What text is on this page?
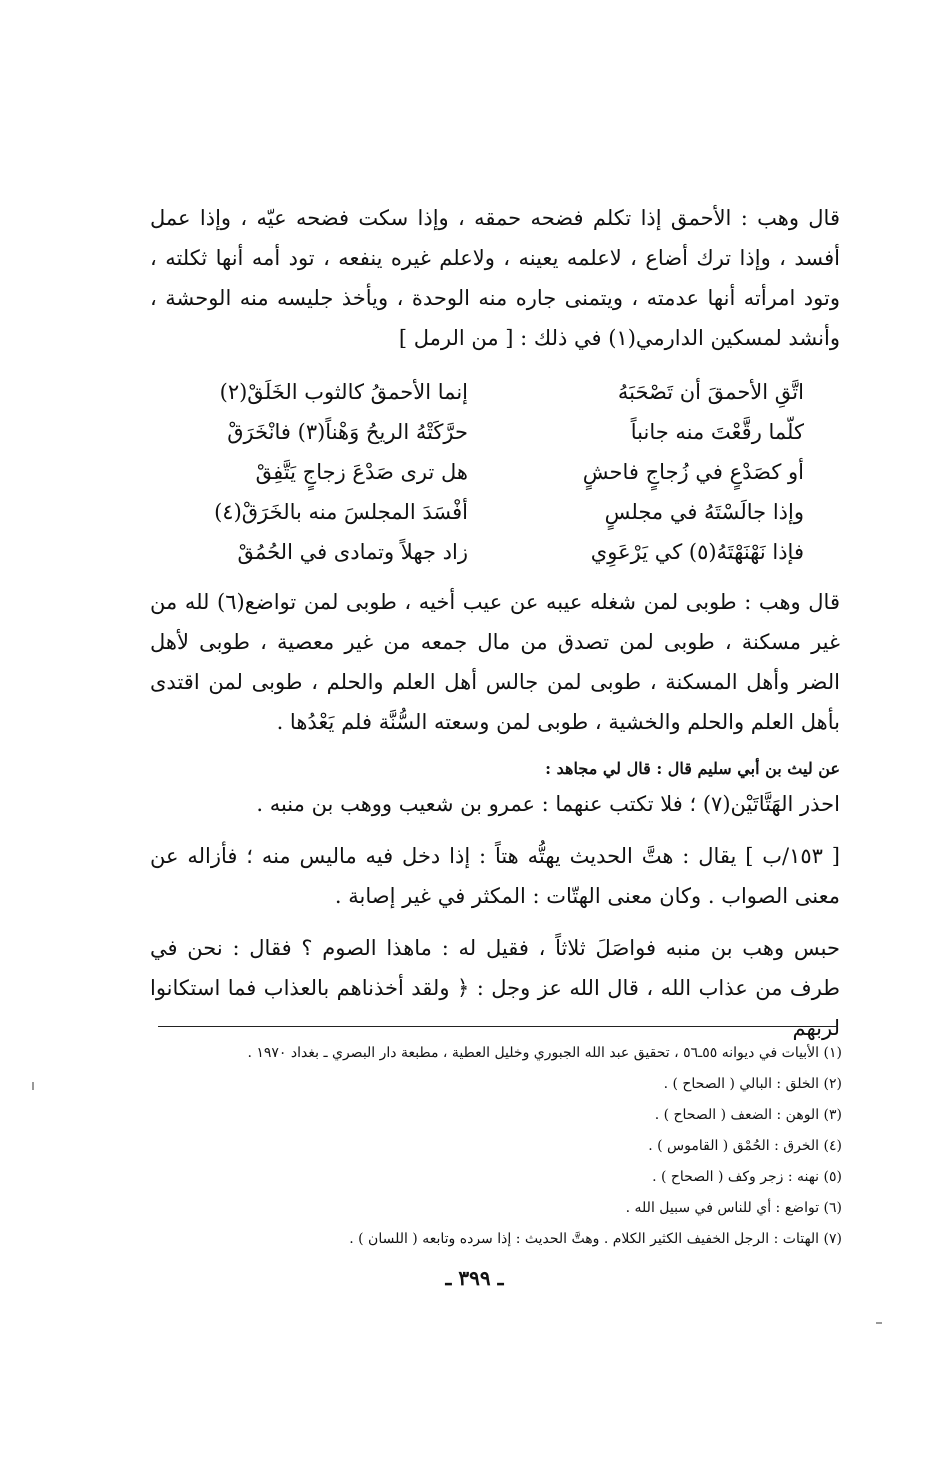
قال وهب : الأحمق إذا تكلم فضحه حمقه ، وإذا سكت فضحه عيّه ، وإذا عمل أفسد ، وإذا ترك أضاع ، لاعلمه يعينه ، ولاعلم غيره ينفعه ، تود أمه أنها ثكلته ، وتود امرأته أنها عدمته ، ويتمنى جاره منه الوحدة ، ويأخذ جليسه منه الوحشة ، وأنشد لمسكين الدارمي(١) في ذلك : [ من الرمل ]

اتَّقِ الأحمقَ أن تَصْحَبَهُ
إنما الأحمقُ كالثوب الخَلَقْ(٢)
كلّما رقَّعْتَ منه جانباً
حرَّكَتْهُ الريحُ وَهْناً(٣) فانْخَرَقْ
أو كصَدْعٍ في زُجاجٍ فاحشٍ
هل ترى صَدْعَ زجاجٍ يَتَّفِقْ
وإذا جالَسْتَهُ في مجلسٍ
أفْسَدَ المجلسَ منه بالخَرَقْ(٤)
فإذا نَهْنَهْتَهُ(٥) كي يَرْعَوِي
زاد جهلاً وتمادى في الحُمُقْ

قال وهب : طوبى لمن شغله عيبه عن عيب أخيه ، طوبى لمن تواضع(٦) لله من غير مسكنة ، طوبى لمن تصدق من مال جمعه من غير معصية ، طوبى لأهل الضر وأهل المسكنة ، طوبى لمن جالس أهل العلم والحلم ، طوبى لمن اقتدى بأهل العلم والحلم والخشية ، طوبى لمن وسعته السُّنَّة فلم يَعْدُها .

عن ليث بن أبي سليم قال : قال لي مجاهد :
احذر الهَتَّاتَيْن(٧) ؛ فلا تكتب عنهما : عمرو بن شعيب ووهب بن منبه .

[ ١٥٣/ب ] يقال : هتَّ الحديث يهتُّه هتاً : إذا دخل فيه ماليس منه ؛ فأزاله عن معنى الصواب . وكان معنى الهتّات : المكثر في غير إصابة .

حبس وهب بن منبه فواصَلَ ثلاثاً ، فقيل له : ماهذا الصوم ؟ فقال : نحن في طرف من عذاب الله ، قال الله عز وجل : ﴿ ولقد أخذناهم بالعذاب فما استكانوا لربهم

(١) الأبيات في ديوانه ٥٥ـ٥٦ ، تحقيق عبد الله الجبوري وخليل العطية ، مطبعة دار البصري ـ بغداد ١٩٧٠ .
(٢) الخلق : البالي ( الصحاح ) .
(٣) الوهن : الضعف ( الصحاح ) .
(٤) الخرق : الحُمْق ( القاموس ) .
(٥) نهنه : زجر وكف ( الصحاح ) .
(٦) تواضع : أي للناس في سبيل الله .
(٧) الهتات : الرجل الخفيف الكثير الكلام . وهتَّ الحديث : إذا سرده وتابعه ( اللسان ) .
ـ ٣٩٩ ـ
